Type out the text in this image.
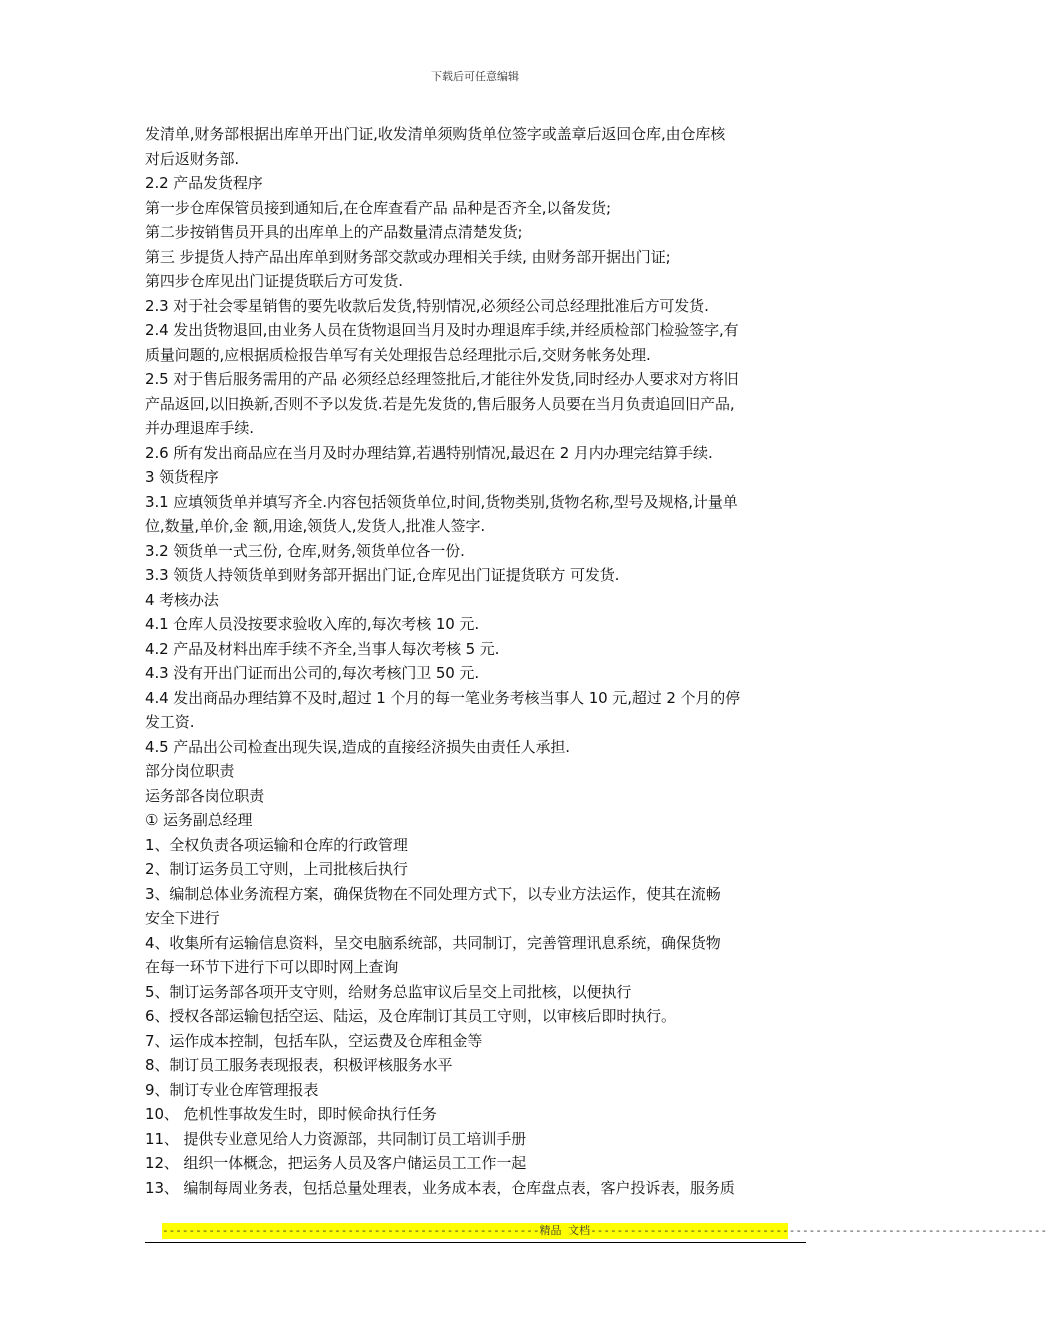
下载后可任意编辑
发清单,财务部根据出库单开出门证,收发清单须购货单位签字或盖章后返回仓库,由仓库核
对后返财务部.
2.2 产品发货程序
第一步仓库保管员接到通知后,在仓库查看产品 品种是否齐全,以备发货;
第二步按销售员开具的出库单上的产品数量清点清楚发货;
第三 步提货人持产品出库单到财务部交款或办理相关手续, 由财务部开据出门证;
第四步仓库见出门证提货联后方可发货.
2.3 对于社会零星销售的要先收款后发货,特别情况,必须经公司总经理批准后方可发货.
2.4 发出货物退回,由业务人员在货物退回当月及时办理退库手续,并经质检部门检验签字,有
质量问题的,应根据质检报告单写有关处理报告总经理批示后,交财务帐务处理.
2.5 对于售后服务需用的产品 必须经总经理签批后,才能往外发货,同时经办人要求对方将旧
产品返回,以旧换新,否则不予以发货.若是先发货的,售后服务人员要在当月负责追回旧产品,
并办理退库手续.
2.6 所有发出商品应在当月及时办理结算,若遇特别情况,最迟在 2 月内办理完结算手续.
3 领货程序
3.1 应填领货单并填写齐全.内容包括领货单位,时间,货物类别,货物名称,型号及规格,计量单
位,数量,单价,金 额,用途,领货人,发货人,批准人签字.
3.2 领货单一式三份, 仓库,财务,领货单位各一份.
3.3 领货人持领货单到财务部开据出门证,仓库见出门证提货联方 可发货.
4 考核办法
4.1 仓库人员没按要求验收入库的,每次考核 10 元.
4.2 产品及材料出库手续不齐全,当事人每次考核 5 元.
4.3 没有开出门证而出公司的,每次考核门卫 50 元.
4.4 发出商品办理结算不及时,超过 1 个月的每一笔业务考核当事人 10 元,超过 2 个月的停
发工资.
4.5 产品出公司检查出现失误,造成的直接经济损失由责任人承担.
部分岗位职责
运务部各岗位职责
① 运务副总经理
1、全权负责各项运输和仓库的行政管理
2、制订运务员工守则，上司批核后执行
3、编制总体业务流程方案，确保货物在不同处理方式下，以专业方法运作，使其在流畅
安全下进行
4、收集所有运输信息资料，呈交电脑系统部，共同制订，完善管理讯息系统，确保货物
在每一环节下进行下可以即时网上查询
5、制订运务部各项开支守则，给财务总监审议后呈交上司批核，以便执行
6、授权各部运输包括空运、陆运，及仓库制订其员工守则，以审核后即时执行。
7、运作成本控制，包括车队，空运费及仓库租金等
8、制订员工服务表现报表，积极评核服务水平
9、制订专业仓库管理报表
10、 危机性事故发生时，即时候命执行任务
11、 提供专业意见给人力资源部，共同制订员工培训手册
12、 组织一体概念，把运务人员及客户储运员工工作一起
13、 编制每周业务表，包括总量处理表，业务成本表，仓库盘点表，客户投诉表，服务质
---------------------------------------------------------精品 文档---------------------------------------------------------------------
